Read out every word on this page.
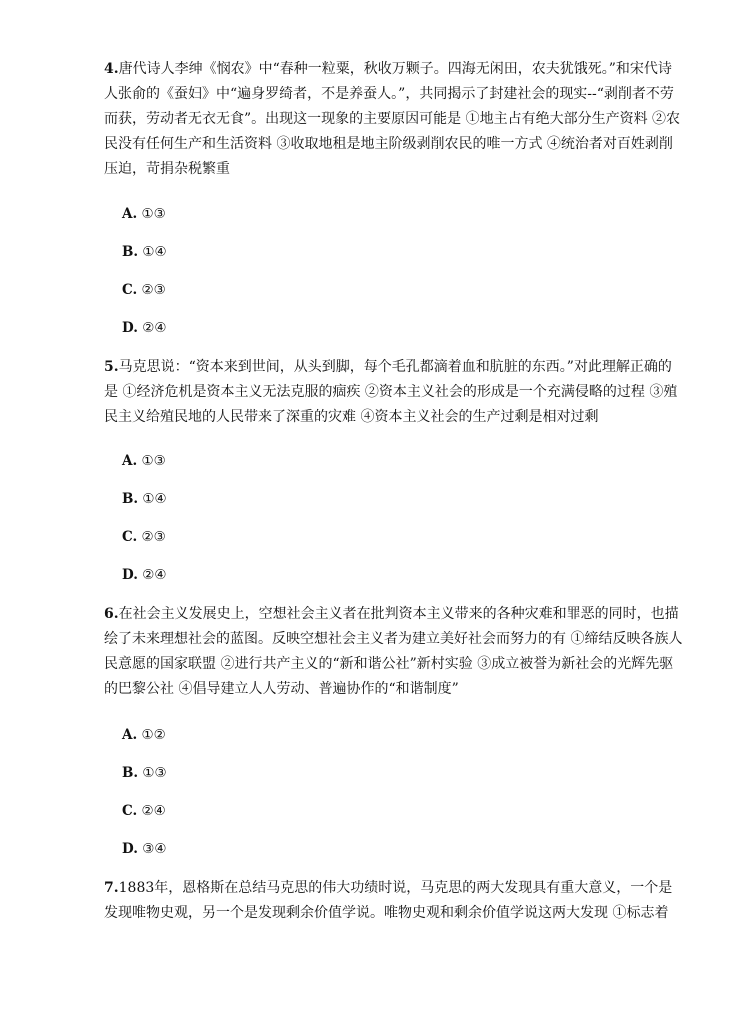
4.唐代诗人李绅《悯农》中“春种一粒粟，秋收万颗子。四海无闲田，农夫犹饿死。”和宋代诗人张俞的《蚕妇》中“遍身罗绮者，不是养蚕人。”，共同揭示了封建社会的现实--“剥削者不劳而获，劳动者无衣无食”。出现这一现象的主要原因可能是 ①地主占有绝大部分生产资料 ②农民没有任何生产和生活资料 ③收取地租是地主阶级剥削农民的唯一方式 ④统治者对百姓剥削压迫，苛捐杂税繁重

A. ①③
B. ①④
C. ②③
D. ②④

5.马克思说：“资本来到世间，从头到脚，每个毛孔都滴着血和肮脏的东西。”对此理解正确的是 ①经济危机是资本主义无法克服的痼疾 ②资本主义社会的形成是一个充满侵略的过程 ③殖民主义给殖民地的人民带来了深重的灾难 ④资本主义社会的生产过剩是相对过剩

A. ①③
B. ①④
C. ②③
D. ②④

6.在社会主义发展史上，空想社会主义者在批判资本主义带来的各种灾难和罪恶的同时，也描绘了未来理想社会的蓝图。反映空想社会主义者为建立美好社会而努力的有 ①缔结反映各族人民意愿的国家联盟 ②进行共产主义的“新和谐公社”新村实验 ③成立被誉为新社会的光辉先驱的巴黎公社 ④倡导建立人人劳动、普遍协作的“和谐制度”

A. ①②
B. ①③
C. ②④
D. ③④

7.1883年，恩格斯在总结马克思的伟大功绩时说，马克思的两大发现具有重大意义，一个是发现唯物史观，另一个是发现剩余价值学说。唯物史观和剩余价值学说这两大发现 ①标志着
